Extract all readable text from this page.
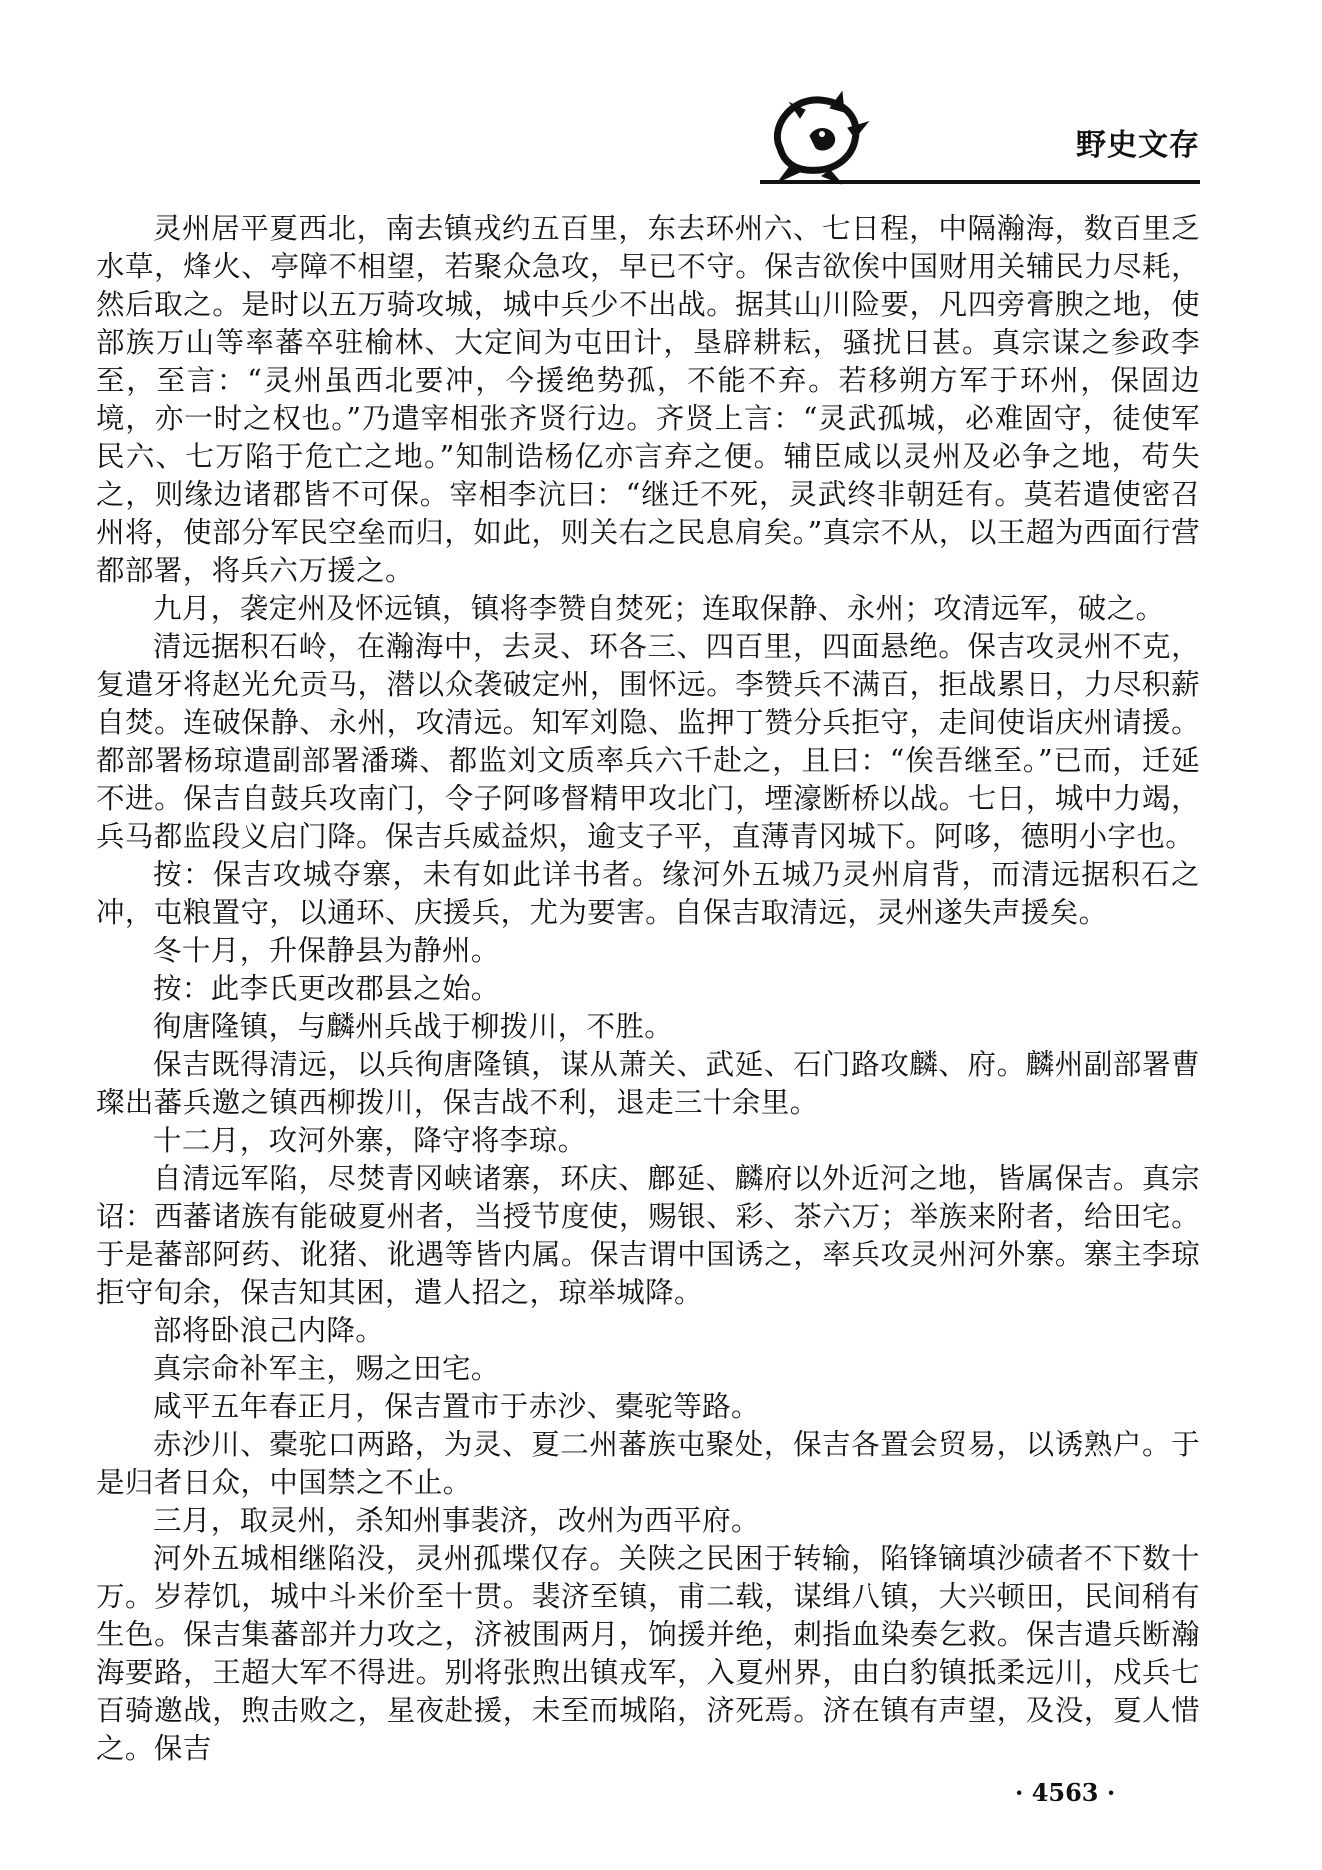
野史文存

灵州居平夏西北，南去镇戎约五百里，东去环州六、七日程，中隔瀚海，数百里乏水草，烽火、亭障不相望，若聚众急攻，早已不守。保吉欲俟中国财用关辅民力尽耗，然后取之。是时以五万骑攻城，城中兵少不出战。据其山川险要，凡四旁膏腴之地，使部族万山等率蕃卒驻榆林、大定间为屯田计，垦辟耕耘，骚扰日甚。真宗谋之参政李至，至言：“灵州虽西北要冲，今援绝势孤，不能不弃。若移朔方军于环州，保固边境，亦一时之权也。”乃遣宰相张齐贤行边。齐贤上言：“灵武孤城，必难固守，徒使军民六、七万陷于危亡之地。”知制诰杨亿亦言弃之便。辅臣咸以灵州及必争之地，苟失之，则缘边诸郡皆不可保。宰相李沆曰：“继迁不死，灵武终非朝廷有。莫若遣使密召州将，使部分军民空垒而归，如此，则关右之民息肩矣。”真宗不从，以王超为西面行营都部署，将兵六万援之。

九月，袭定州及怀远镇，镇将李赞自焚死；连取保静、永州；攻清远军，破之。

清远据积石岭，在瀚海中，去灵、环各三、四百里，四面悬绝。保吉攻灵州不克，复遣牙将赵光允贡马，潜以众袭破定州，围怀远。李赞兵不满百，拒战累日，力尽积薪自焚。连破保静、永州，攻清远。知军刘隐、监押丁赞分兵拒守，走间使诣庆州请援。都部署杨琼遣副部署潘璘、都监刘文质率兵六千赴之，且曰：“俟吾继至。”已而，迁延不进。保吉自鼓兵攻南门，令子阿哆督精甲攻北门，堙濠断桥以战。七日，城中力竭，兵马都监段义启门降。保吉兵威益炽，逾支子平，直薄青冈城下。阿哆，德明小字也。

按：保吉攻城夺寨，未有如此详书者。缘河外五城乃灵州肩背，而清远据积石之冲，屯粮置守，以通环、庆援兵，尤为要害。自保吉取清远，灵州遂失声援矣。

冬十月，升保静县为静州。

按：此李氏更改郡县之始。

徇唐隆镇，与麟州兵战于柳拨川，不胜。

保吉既得清远，以兵徇唐隆镇，谋从萧关、武延、石门路攻麟、府。麟州副部署曹璨出蕃兵邀之镇西柳拨川，保吉战不利，退走三十余里。

十二月，攻河外寨，降守将李琼。

自清远军陷，尽焚青冈峡诸寨，环庆、鄜延、麟府以外近河之地，皆属保吉。真宗诏：西蕃诸族有能破夏州者，当授节度使，赐银、彩、茶六万；举族来附者，给田宅。于是蕃部阿药、讹猪、讹遇等皆内属。保吉谓中国诱之，率兵攻灵州河外寨。寨主李琼拒守旬余，保吉知其困，遣人招之，琼举城降。

部将卧浪己内降。

真宗命补军主，赐之田宅。

咸平五年春正月，保吉置市于赤沙、橐驼等路。

赤沙川、橐驼口两路，为灵、夏二州蕃族屯聚处，保吉各置会贸易，以诱熟户。于是归者日众，中国禁之不止。

三月，取灵州，杀知州事裴济，改州为西平府。

河外五城相继陷没，灵州孤堞仅存。关陕之民困于转输，陷锋镝填沙碛者不下数十万。岁荐饥，城中斗米价至十贯。裴济至镇，甫二载，谋缉八镇，大兴顿田，民间稍有生色。保吉集蕃部并力攻之，济被围两月，饷援并绝，刺指血染奏乞救。保吉遣兵断瀚海要路，王超大军不得进。别将张煦出镇戎军，入夏州界，由白豹镇抵柔远川，戍兵七百骑邀战，煦击败之，星夜赴援，未至而城陷，济死焉。济在镇有声望，及没，夏人惜之。保吉

· 4563 ·
